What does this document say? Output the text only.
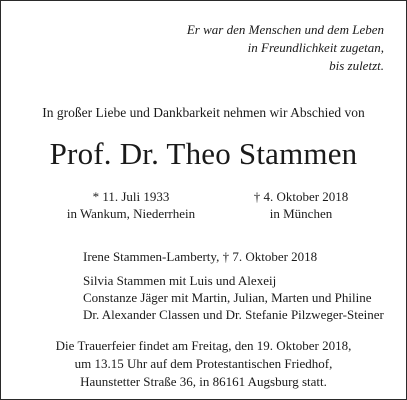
Er war den Menschen und dem Leben
in Freundlichkeit zugetan,
bis zuletzt.
In großer Liebe und Dankbarkeit nehmen wir Abschied von
Prof. Dr. Theo Stammen
* 11. Juli 1933
in Wankum, Niederrhein
† 4. Oktober 2018
in München
Irene Stammen-Lamberty, † 7. Oktober 2018
Silvia Stammen mit Luis und Alexeij
Constanze Jäger mit Martin, Julian, Marten und Philine
Dr. Alexander Classen und Dr. Stefanie Pilzweger-Steiner
Die Trauerfeier findet am Freitag, den 19. Oktober 2018,
um 13.15 Uhr auf dem Protestantischen Friedhof,
Haunstetter Straße 36, in 86161 Augsburg statt.
